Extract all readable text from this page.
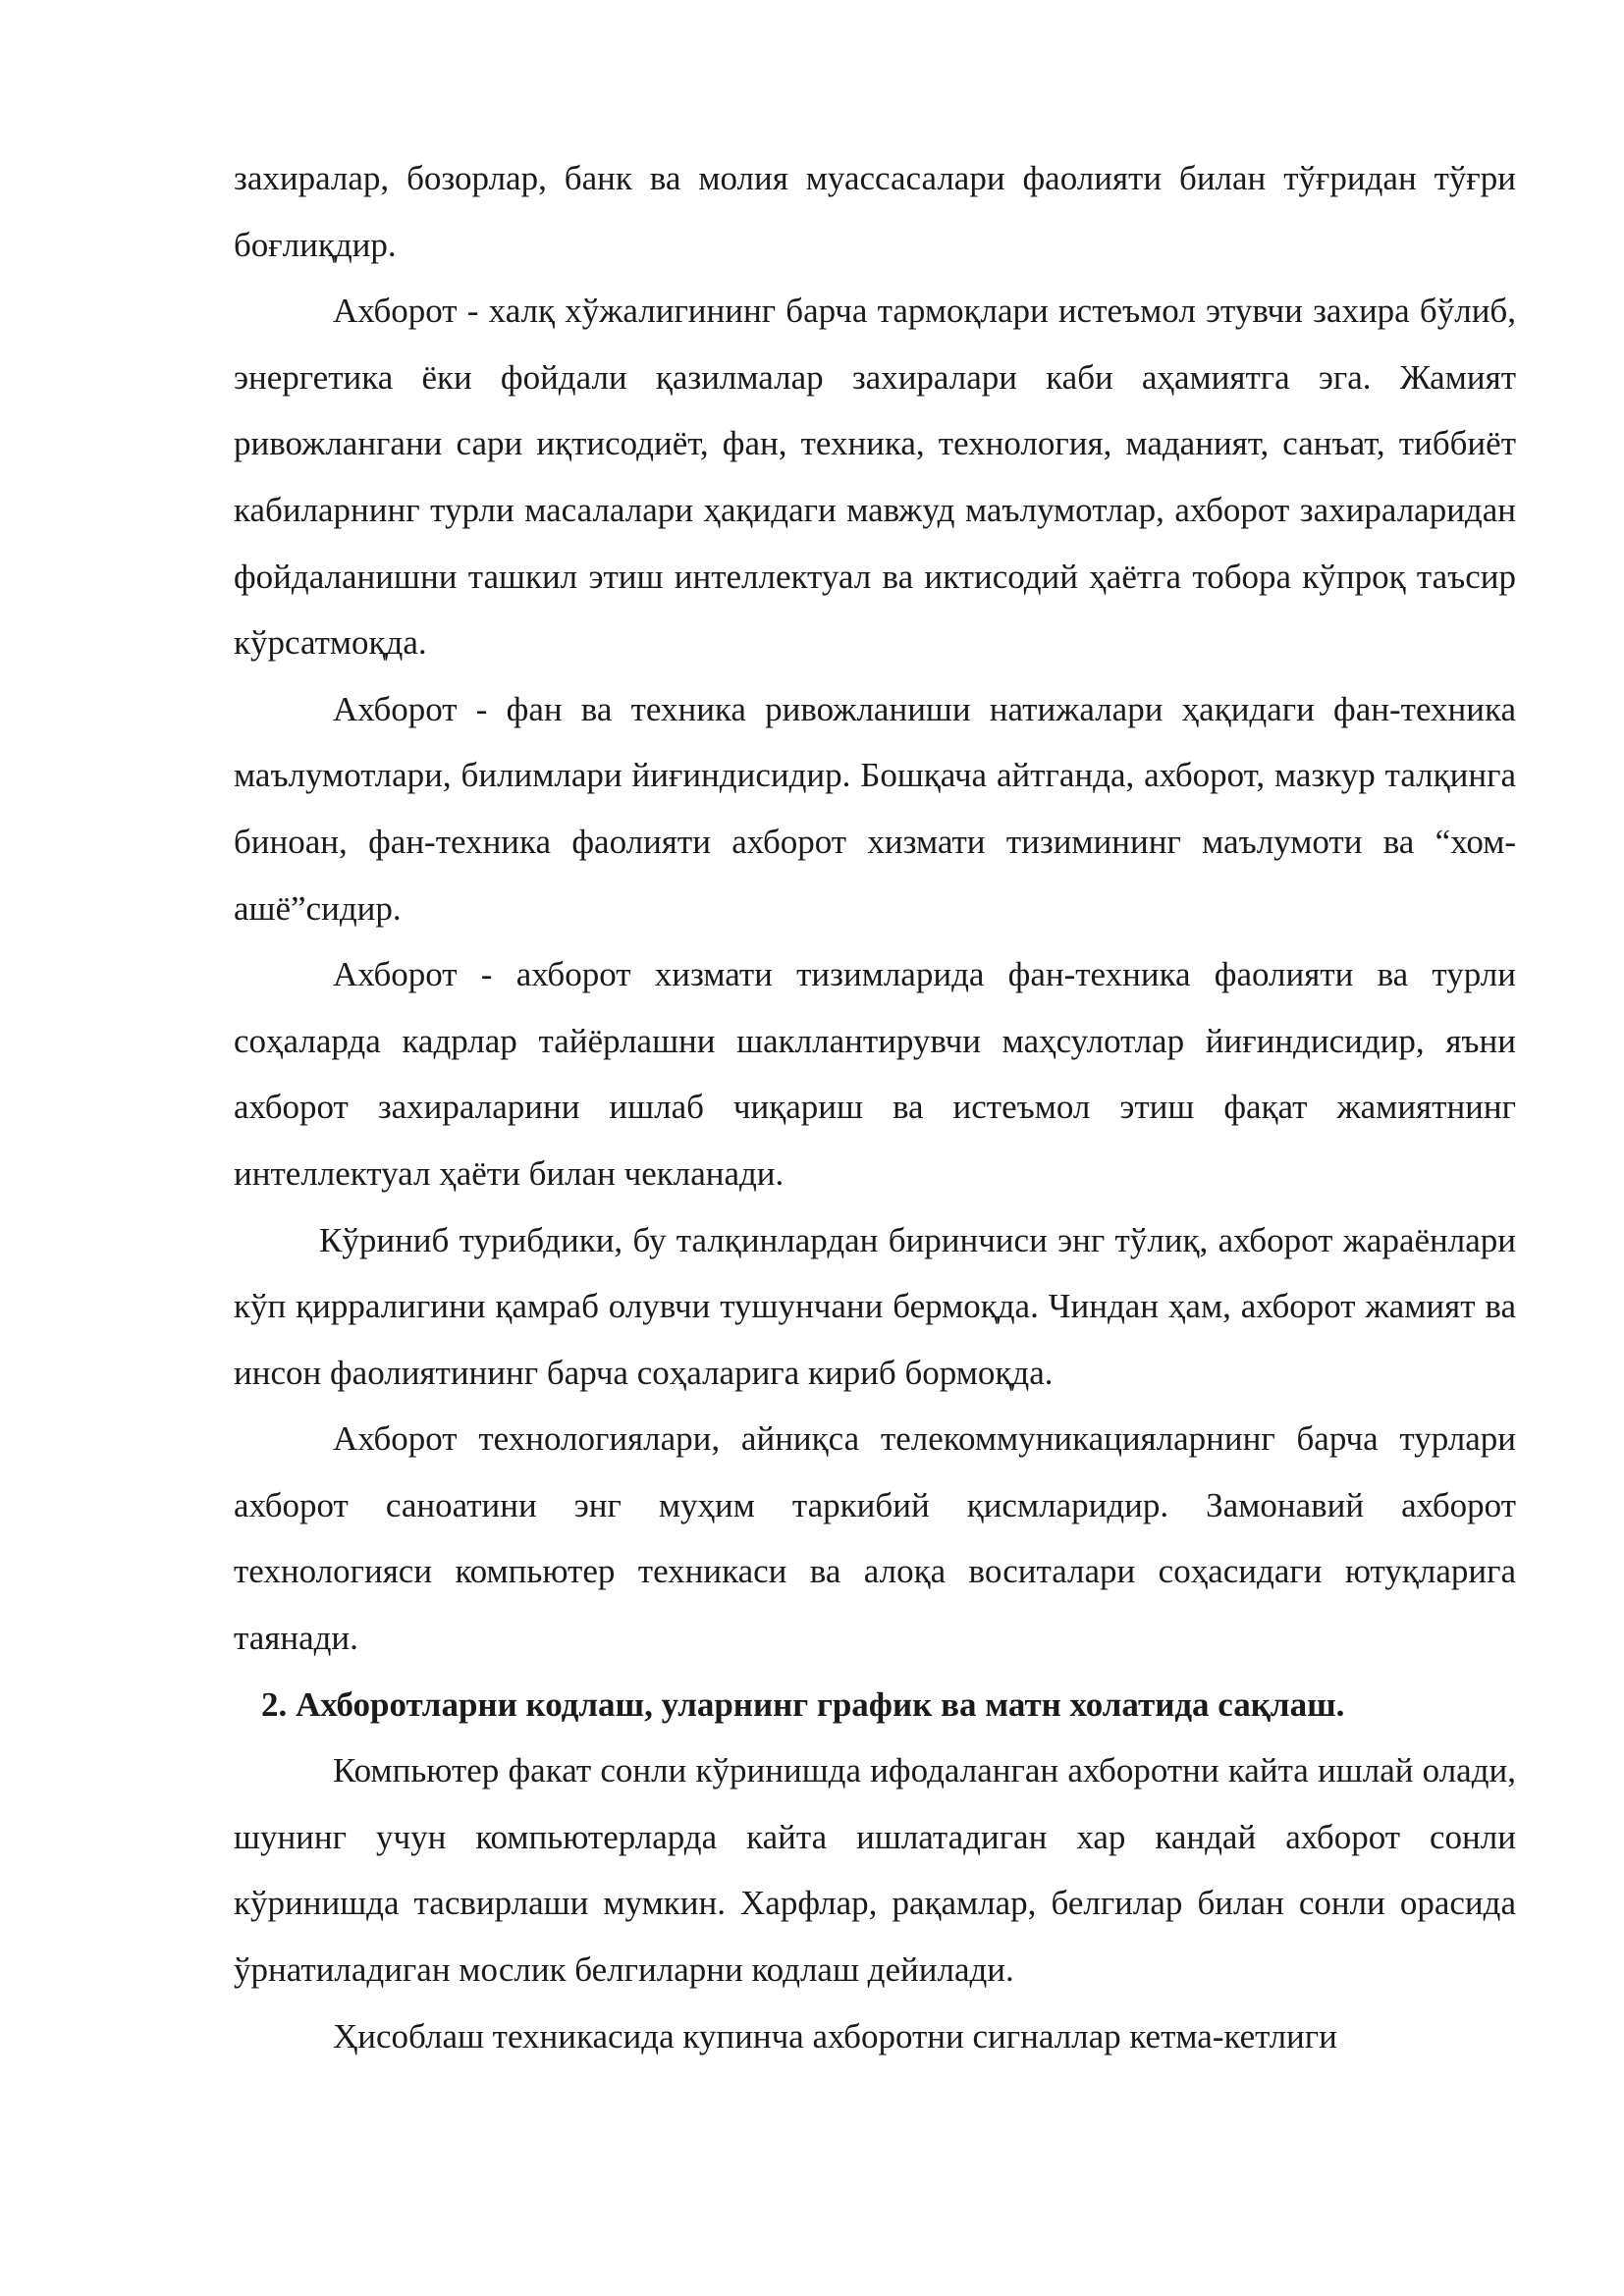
захиралар, бозорлар, банк ва молия муассасалари фаолияти билан тўғридан тўғри боғлиқдир.

Ахборот - халқ хўжалигининг барча тармоқлари истеъмол этувчи захира бўлиб, энергетика ёки фойдали қазилмалар захиралари каби аҳамиятга эга. Жамият ривожлангани сари иқтисодиёт, фан, техника, технология, маданият, санъат, тиббиёт кабиларнинг турли масалалари ҳақидаги мавжуд маълумотлар, ахборот захираларидан фойдаланишни ташкил этиш интеллектуал ва иктисодий ҳаётга тобора кўпроқ таъсир кўрсатмоқда.

Ахборот - фан ва техника ривожланиши натижалари ҳақидаги фан-техника маълумотлари, билимлари йиғиндисидир. Бошқача айтганда, ахборот, мазкур талқинга биноан, фан-техника фаолияти ахборот хизмати тизимининг маълумоти ва “хом-ашё”сидир.

Ахборот - ахборот хизмати тизимларида фан-техника фаолияти ва турли соҳаларда кадрлар тайёрлашни шакллантирувчи маҳсулотлар йиғиндисидир, яъни ахборот захираларини ишлаб чиқариш ва истеъмол этиш фақат жамиятнинг интеллектуал ҳаёти билан чекланади.

Кўриниб турибдики, бу талқинлардан биринчиси энг тўлиқ, ахборот жараёнлари кўп қирралигини қамраб олувчи тушунчани бермоқда. Чиндан ҳам, ахборот жамият ва инсон фаолиятининг барча соҳаларига кириб бормоқда.

Ахборот технологиялари, айниқса телекоммуникацияларнинг барча турлари ахборот саноатини энг муҳим таркибий қисмларидир. Замонавий ахборот технологияси компьютер техникаси ва алоқа воситалари соҳасидаги ютуқларига таянади.

2. Ахборотларни кодлаш, уларнинг график ва матн холатида сақлаш.

Компьютер факат сонли кўринишда ифодаланган ахборотни кайта ишлай олади, шунинг учун компьютерларда кайта ишлатадиган хар кандай ахборот сонли кўринишда тасвирлаши мумкин. Харфлар, рақамлар, белгилар билан сонли орасида ўрнатиладиган мослик белгиларни кодлаш дейилади.

Ҳисоблаш техникасида купинча ахборотни сигналлар кетма-кетлиги
